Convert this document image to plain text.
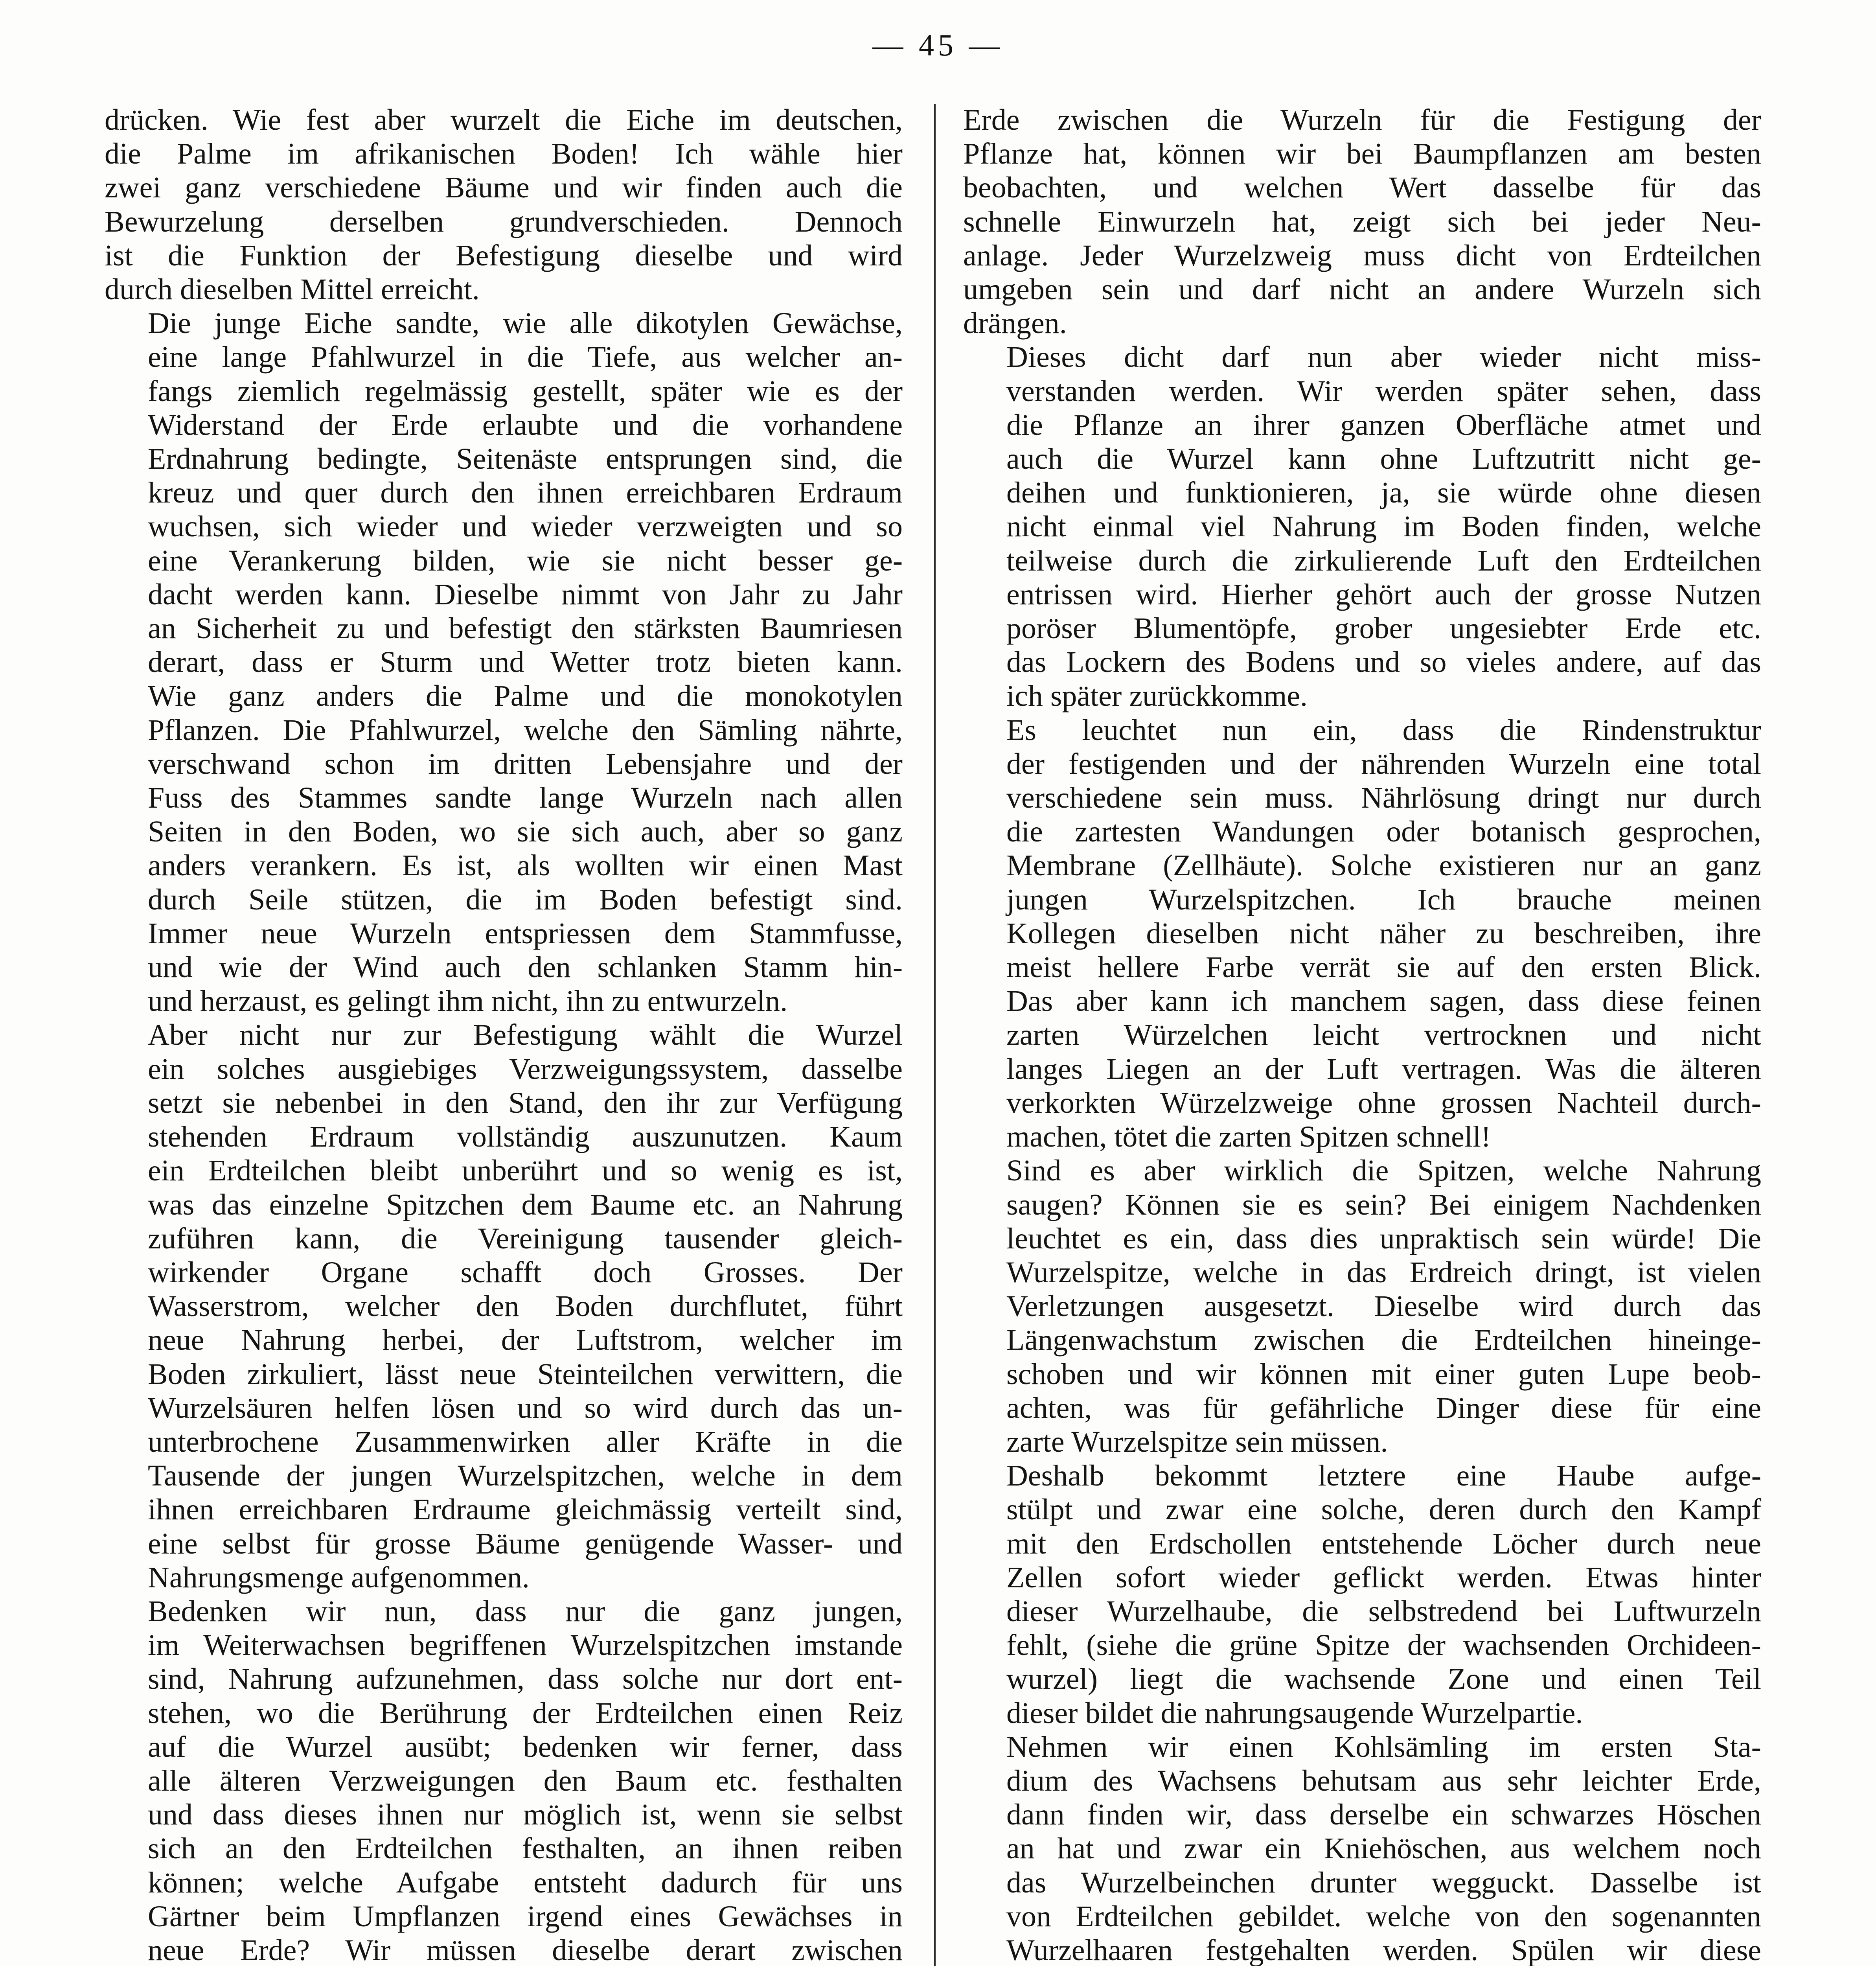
— 45 —
drücken. Wie fest aber wurzelt die Eiche im deutschen,
die Palme im afrikanischen Boden! Ich wähle hier
zwei ganz verschiedene Bäume und wir finden auch die
Bewurzelung derselben grundverschieden. Dennoch
ist die Funktion der Befestigung dieselbe und wird
durch dieselben Mittel erreicht.
Die junge Eiche sandte, wie alle dikotylen Gewächse,
eine lange Pfahlwurzel in die Tiefe, aus welcher an-
fangs ziemlich regelmässig gestellt, später wie es der
Widerstand der Erde erlaubte und die vorhandene
Erdnahrung bedingte, Seitenäste entsprungen sind, die
kreuz und quer durch den ihnen erreichbaren Erdraum
wuchsen, sich wieder und wieder verzweigten und so
eine Verankerung bilden, wie sie nicht besser ge-
dacht werden kann. Dieselbe nimmt von Jahr zu Jahr
an Sicherheit zu und befestigt den stärksten Baumriesen
derart, dass er Sturm und Wetter trotz bieten kann.
Wie ganz anders die Palme und die monokotylen
Pflanzen. Die Pfahlwurzel, welche den Sämling nährte,
verschwand schon im dritten Lebensjahre und der
Fuss des Stammes sandte lange Wurzeln nach allen
Seiten in den Boden, wo sie sich auch, aber so ganz
anders verankern. Es ist, als wollten wir einen Mast
durch Seile stützen, die im Boden befestigt sind.
Immer neue Wurzeln entspriessen dem Stammfusse,
und wie der Wind auch den schlanken Stamm hin-
und herzaust, es gelingt ihm nicht, ihn zu entwurzeln.
Aber nicht nur zur Befestigung wählt die Wurzel
ein solches ausgiebiges Verzweigungssystem, dasselbe
setzt sie nebenbei in den Stand, den ihr zur Verfügung
stehenden Erdraum vollständig auszunutzen. Kaum
ein Erdteilchen bleibt unberührt und so wenig es ist,
was das einzelne Spitzchen dem Baume etc. an Nahrung
zuführen kann, die Vereinigung tausender gleich-
wirkender Organe schafft doch Grosses. Der
Wasserstrom, welcher den Boden durchflutet, führt
neue Nahrung herbei, der Luftstrom, welcher im
Boden zirkuliert, lässt neue Steinteilchen verwittern, die
Wurzelsäuren helfen lösen und so wird durch das un-
unterbrochene Zusammenwirken aller Kräfte in die
Tausende der jungen Wurzelspitzchen, welche in dem
ihnen erreichbaren Erdraume gleichmässig verteilt sind,
eine selbst für grosse Bäume genügende Wasser- und
Nahrungsmenge aufgenommen.
Bedenken wir nun, dass nur die ganz jungen,
im Weiterwachsen begriffenen Wurzelspitzchen imstande
sind, Nahrung aufzunehmen, dass solche nur dort ent-
stehen, wo die Berührung der Erdteilchen einen Reiz
auf die Wurzel ausübt; bedenken wir ferner, dass
alle älteren Verzweigungen den Baum etc. festhalten
und dass dieses ihnen nur möglich ist, wenn sie selbst
sich an den Erdteilchen festhalten, an ihnen reiben
können; welche Aufgabe entsteht dadurch für uns
Gärtner beim Umpflanzen irgend eines Gewächses in
neue Erde? Wir müssen dieselbe derart zwischen
Erde zwischen die Wurzeln für die Festigung der
Pflanze hat, können wir bei Baumpflanzen am besten
beobachten, und welchen Wert dasselbe für das
schnelle Einwurzeln hat, zeigt sich bei jeder Neu-
anlage. Jeder Wurzelzweig muss dicht von Erdteilchen
umgeben sein und darf nicht an andere Wurzeln sich
drängen.
Dieses dicht darf nun aber wieder nicht miss-
verstanden werden. Wir werden später sehen, dass
die Pflanze an ihrer ganzen Oberfläche atmet und
auch die Wurzel kann ohne Luftzutritt nicht ge-
deihen und funktionieren, ja, sie würde ohne diesen
nicht einmal viel Nahrung im Boden finden, welche
teilweise durch die zirkulierende Luft den Erdteilchen
entrissen wird. Hierher gehört auch der grosse Nutzen
poröser Blumentöpfe, grober ungesiebter Erde etc.
das Lockern des Bodens und so vieles andere, auf das
ich später zurückkomme.
Es leuchtet nun ein, dass die Rindenstruktur
der festigenden und der nährenden Wurzeln eine total
verschiedene sein muss. Nährlösung dringt nur durch
die zartesten Wandungen oder botanisch gesprochen,
Membrane (Zellhäute). Solche existieren nur an ganz
jungen Wurzelspitzchen. Ich brauche meinen
Kollegen dieselben nicht näher zu beschreiben, ihre
meist hellere Farbe verrät sie auf den ersten Blick.
Das aber kann ich manchem sagen, dass diese feinen
zarten Würzelchen leicht vertrocknen und nicht
langes Liegen an der Luft vertragen. Was die älteren
verkorkten Würzelzweige ohne grossen Nachteil durch-
machen, tötet die zarten Spitzen schnell!
Sind es aber wirklich die Spitzen, welche Nahrung
saugen? Können sie es sein? Bei einigem Nachdenken
leuchtet es ein, dass dies unpraktisch sein würde! Die
Wurzelspitze, welche in das Erdreich dringt, ist vielen
Verletzungen ausgesetzt. Dieselbe wird durch das
Längenwachstum zwischen die Erdteilchen hineinge-
schoben und wir können mit einer guten Lupe beob-
achten, was für gefährliche Dinger diese für eine
zarte Wurzelspitze sein müssen.
Deshalb bekommt letztere eine Haube aufge-
stülpt und zwar eine solche, deren durch den Kampf
mit den Erdschollen entstehende Löcher durch neue
Zellen sofort wieder geflickt werden. Etwas hinter
dieser Wurzelhaube, die selbstredend bei Luftwurzeln
fehlt, (siehe die grüne Spitze der wachsenden Orchideen-
wurzel) liegt die wachsende Zone und einen Teil
dieser bildet die nahrungsaugende Wurzelpartie.
Nehmen wir einen Kohlsämling im ersten Sta-
dium des Wachsens behutsam aus sehr leichter Erde,
dann finden wir, dass derselbe ein schwarzes Höschen
an hat und zwar ein Kniehöschen, aus welchem noch
das Wurzelbeinchen drunter wegguckt. Dasselbe ist
von Erdteilchen gebildet. welche von den sogenannten
Wurzelhaaren festgehalten werden. Spülen wir diese
